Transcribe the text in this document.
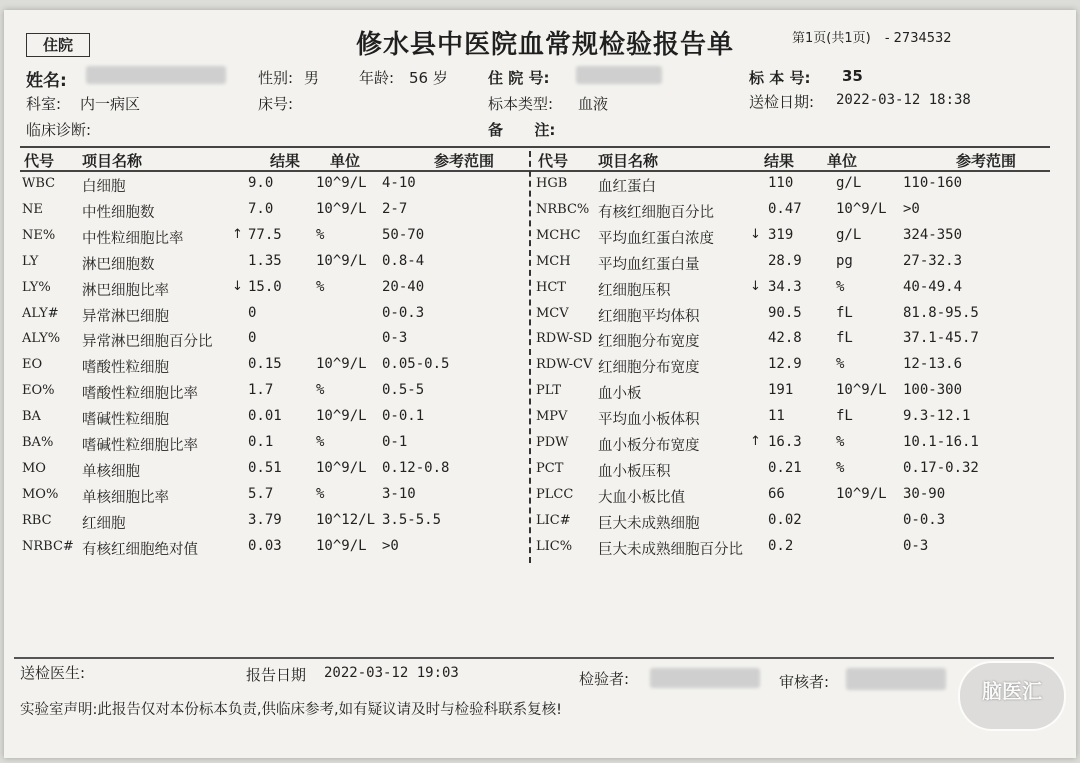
住院	修水县中医院血常规检验报告单	第1页(共1页) - 2734532
姓名:	性别: 男	年龄: 56 岁	住 院 号:	标 本 号: 35
科室: 内一病区	床号:	标本类型: 血液	送检日期: 2022-03-12 18:38
临床诊断:	备      注:
代号 项目名称	结果 单位	参考范围	代号 项目名称	结果 单位	参考范围
WBC 白细胞	9.0	10^9/L 4-10
NE	中性细胞数	7.0	10^9/L 2-7
NE% 中性粒细胞比率	↑ 77.5 %	50-70
LY	淋巴细胞数	1.35 10^9/L 0.8-4
LY% 淋巴细胞比率	↓ 15.0 %	20-40
ALY# 异常淋巴细胞	0	0-0.3
ALY% 异常淋巴细胞百分比	0	0-3
EO	嗜酸性粒细胞	0.15 10^9/L 0.05-0.5
EO% 嗜酸性粒细胞比率	1.7	%	0.5-5
BA	嗜碱性粒细胞	0.01 10^9/L 0-0.1
BA% 嗜碱性粒细胞比率	0.1	%	0-1
MO 单核细胞	0.51 10^9/L 0.12-0.8
MO% 单核细胞比率	5.7	%	3-10
RBC 红细胞	3.79 10^12/L 3.5-5.5
NRBC# 有核红细胞绝对值	0.03 10^9/L >0
HGB 血红蛋白	110	g/L	110-160
NRBC% 有核红细胞百分比	0.47 10^9/L >0
MCHC 平均血红蛋白浓度	↓ 319	g/L	324-350
MCH 平均血红蛋白量	28.9 pg	27-32.3
HCT 红细胞压积	↓ 34.3 %	40-49.4
MCV 红细胞平均体积	90.5 fL	81.8-95.5
RDW-SD 红细胞分布宽度	42.8 fL	37.1-45.7
RDW-CV 红细胞分布宽度	12.9 %	12-13.6
PLT	血小板	191	10^9/L 100-300
MPV 平均血小板体积	11	fL	9.3-12.1
PDW 血小板分布宽度	↑ 16.3 %	10.1-16.1
PCT 血小板压积	0.21 %	0.17-0.32
PLCC 大血小板比值	66	10^9/L 30-90
LIC# 巨大未成熟细胞	0.02	0-0.3
LIC% 巨大未成熟细胞百分比 0.2	0-3
送检医生:	报告日期 2022-03-12 19:03	检验者:	审核者:
实验室声明:此报告仅对本份标本负责,供临床参考,如有疑议请及时与检验科联系复核!
脑医汇
